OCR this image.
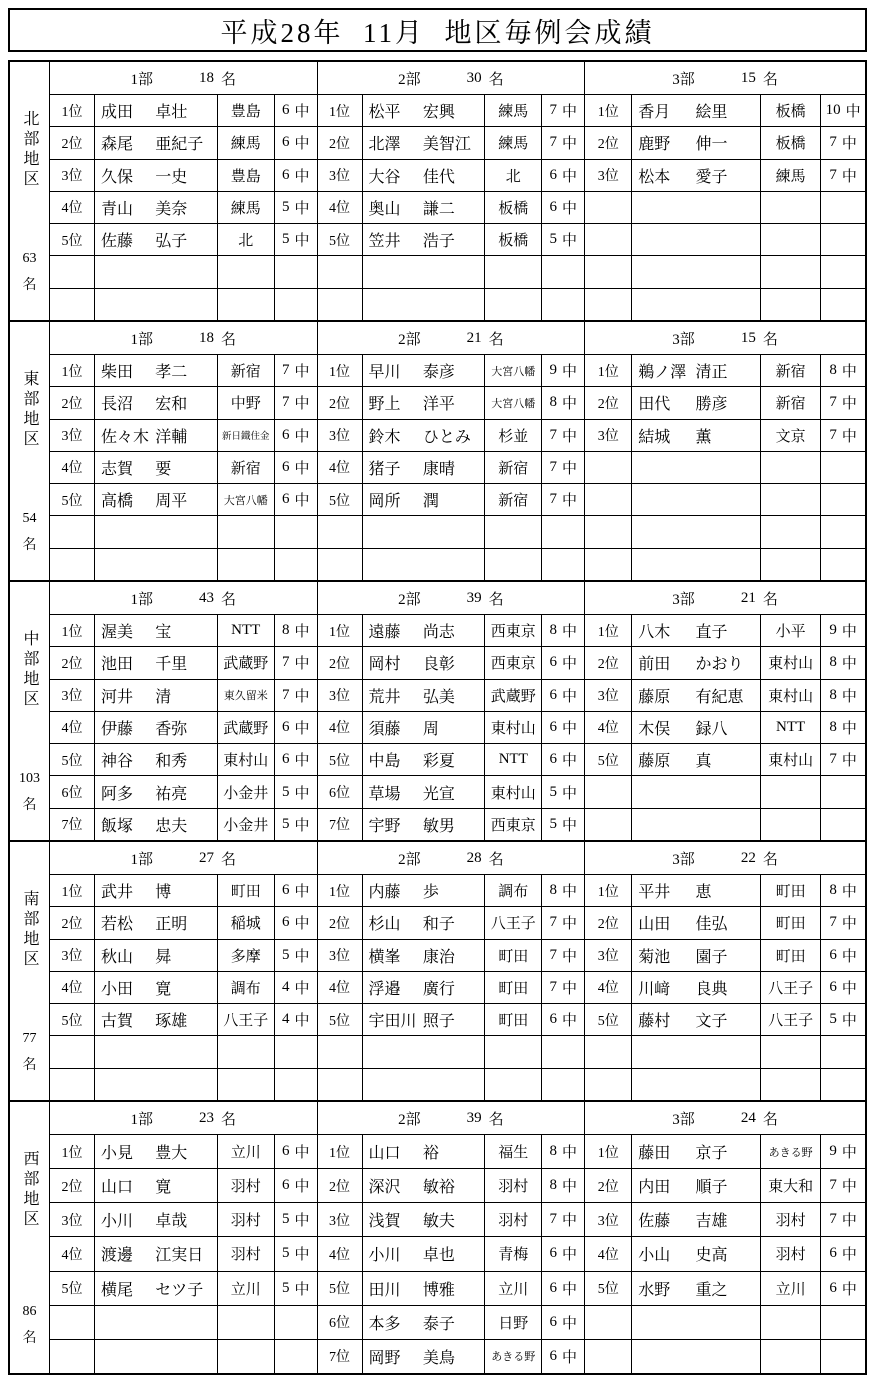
平成28年  11月  地区毎例会成績
北部地区
63
名
1部	18 名
1位	成田	卓壮	豊島	6 中
2位	森尾	亜紀子	練馬	6 中
3位	久保	一史	豊島	6 中
4位	青山	美奈	練馬	5 中
5位	佐藤	弘子	北	5 中
2部	30 名
1位	松平	宏興	練馬	7 中
2位	北澤	美智江	練馬	7 中
3位	大谷	佳代	北	6 中
4位	奥山	謙二	板橋	6 中
5位	笠井	浩子	板橋	5 中
3部	15 名
1位	香月	絵里	板橋	10 中
2位	鹿野	伸一	板橋	7 中
3位	松本	愛子	練馬	7 中
東部地区
54
名
1部	18 名
1位	柴田	孝二	新宿	7 中
2位	長沼	宏和	中野	7 中
3位	佐々木 洋輔	新日鐵住金 6 中
4位	志賀	要	新宿	6 中
5位	高橋	周平	大宮八幡 6 中
2部	21 名
1位	早川	泰彦	大宮八幡 9 中
2位	野上	洋平	大宮八幡 8 中
3位	鈴木	ひとみ	杉並	7 中
4位	猪子	康晴	新宿	7 中
5位	岡所	潤	新宿	7 中
3部	15 名
1位	鵜ノ澤 清正	新宿	8 中
2位	田代	勝彦	新宿	7 中
3位	結城	薫	文京	7 中
中部地区
103
名
1部	43 名
1位	渥美	宝	NTT	8 中
2位	池田	千里	武蔵野 7 中
3位	河井	清	東久留米 7 中
4位	伊藤	香弥	武蔵野 6 中
5位	神谷	和秀	東村山 6 中
6位	阿多	祐亮	小金井 5 中
7位	飯塚	忠夫	小金井 5 中
2部	39 名
1位	遠藤	尚志	西東京 8 中
2位	岡村	良彰	西東京 6 中
3位	荒井	弘美	武蔵野 6 中
4位	須藤	周	東村山 6 中
5位	中島	彩夏	NTT	6 中
6位	草場	光宣	東村山 5 中
7位	宇野	敏男	西東京 5 中
3部	21 名
1位	八木	直子	小平	9 中
2位	前田	かおり	東村山	8 中
3位	藤原	有紀恵	東村山	8 中
4位	木俣	録八	NTT	8 中
5位	藤原	真	東村山	7 中
南部地区
77
名
1部	27 名
1位	武井	博	町田	6 中
2位	若松	正明	稲城	6 中
3位	秋山	曻	多摩	5 中
4位	小田	寛	調布	4 中
5位	古賀	琢雄	八王子 4 中
2部	28 名
1位	内藤	歩	調布	8 中
2位	杉山	和子	八王子 7 中
3位	横峯	康治	町田	7 中
4位	浮邉	廣行	町田	7 中
5位	宇田川 照子	町田	6 中
3部	22 名
1位	平井	恵	町田	8 中
2位	山田	佳弘	町田	7 中
3位	菊池	園子	町田	6 中
4位	川﨑	良典	八王子	6 中
5位	藤村	文子	八王子	5 中
西部地区
86
名
1部	23 名
1位	小見	豊大	立川	6 中
2位	山口	寛	羽村	6 中
3位	小川	卓哉	羽村	5 中
4位	渡邊	江実日	羽村	5 中
5位	横尾	セツ子	立川	5 中
2部	39 名
1位	山口	裕	福生	8 中
2位	深沢	敏裕	羽村	8 中
3位	浅賀	敏夫	羽村	7 中
4位	小川	卓也	青梅	6 中
5位	田川	博雅	立川	6 中
6位	本多	泰子	日野	6 中
7位	岡野	美鳥	あきる野 6 中
3部	24 名
1位	藤田	京子	あきる野	9 中
2位	内田	順子	東大和	7 中
3位	佐藤	吉雄	羽村	7 中
4位	小山	史高	羽村	6 中
5位	水野	重之	立川	6 中
